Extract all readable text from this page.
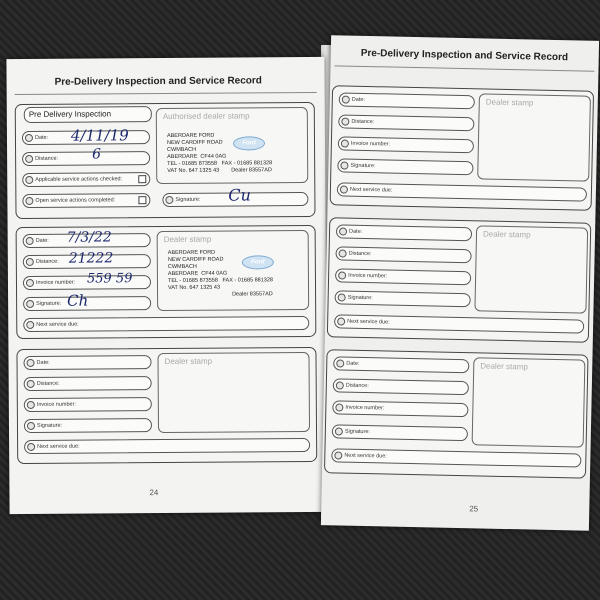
Pre-Delivery Inspection and Service Record
Pre Delivery Inspection
Date:
Distance:
Applicable service actions checked:
Open service actions completed:
Authorised dealer stamp
ABERDARE FORD
NEW CARDIFF ROAD
CWMBACH
ABERDARE  CF44 0AG
TEL - 01685 873558   FAX - 01685 881328
VAT No. 647 1325 43	Dealer 83557AD
Ford
Signature:
4/11/19
6
Cu
Date:
Distance:
Invoice number:
Signature:
Next service due:
Dealer stamp
ABERDARE FORD
NEW CARDIFF ROAD
CWMBACH
ABERDARE  CF44 0AG
TEL - 01685 873558   FAX - 01685 881328
VAT No. 647 1325 43
Dealer 83557AD
Ford
7/3/22
21222
559 59
Ch
Date:
Distance:
Invoice number:
Signature:
Next service due:
Dealer stamp
24
Pre-Delivery Inspection and Service Record
Date:
Distance:
Invoice number:
Signature:
Next service due:
Dealer stamp
Date:
Distance:
Invoice number:
Signature:
Next service due:
Dealer stamp
Date:
Distance:
Invoice number:
Signature:
Next service due:
Dealer stamp
25
